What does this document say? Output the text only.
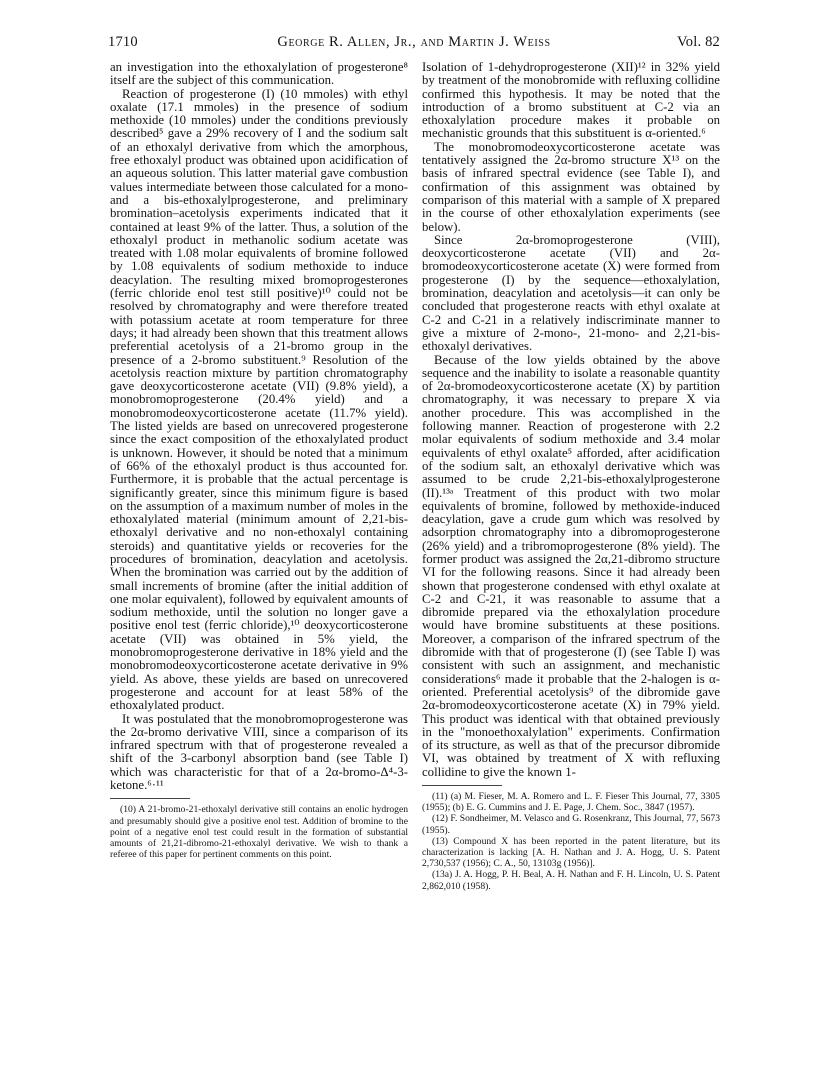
1710	George R. Allen, Jr., and Martin J. Weiss	Vol. 82

an investigation into the ethoxalylation of progesterone⁸ itself are the subject of this communication.

Reaction of progesterone (I) (10 mmoles) with ethyl oxalate (17.1 mmoles) in the presence of sodium methoxide (10 mmoles) under the conditions previously described⁵ gave a 29% recovery of I and the sodium salt of an ethoxalyl derivative from which the amorphous, free ethoxalyl product was obtained upon acidification of an aqueous solution. This latter material gave combustion values intermediate between those calculated for a mono- and a bis-ethoxalylprogesterone, and preliminary bromination–acetolysis experiments indicated that it contained at least 9% of the latter. Thus, a solution of the ethoxalyl product in methanolic sodium acetate was treated with 1.08 molar equivalents of bromine followed by 1.08 equivalents of sodium methoxide to induce deacylation. The resulting mixed bromoprogesterones (ferric chloride enol test still positive)¹⁰ could not be resolved by chromatography and were therefore treated with potassium acetate at room temperature for three days; it had already been shown that this treatment allows preferential acetolysis of a 21-bromo group in the presence of a 2-bromo substituent.⁹ Resolution of the acetolysis reaction mixture by partition chromatography gave deoxycorticosterone acetate (VII) (9.8% yield), a monobromoprogesterone (20.4% yield) and a monobromodeoxycorticosterone acetate (11.7% yield). The listed yields are based on unrecovered progesterone since the exact composition of the ethoxalylated product is unknown. However, it should be noted that a minimum of 66% of the ethoxalyl product is thus accounted for. Furthermore, it is probable that the actual percentage is significantly greater, since this minimum figure is based on the assumption of a maximum number of moles in the ethoxalylated material (minimum amount of 2,21-bis-ethoxalyl derivative and no non-ethoxalyl containing steroids) and quantitative yields or recoveries for the procedures of bromination, deacylation and acetolysis. When the bromination was carried out by the addition of small increments of bromine (after the initial addition of one molar equivalent), followed by equivalent amounts of sodium methoxide, until the solution no longer gave a positive enol test (ferric chloride),¹⁰ deoxycorticosterone acetate (VII) was obtained in 5% yield, the monobromoprogesterone derivative in 18% yield and the monobromodeoxycorticosterone acetate derivative in 9% yield. As above, these yields are based on unrecovered progesterone and account for at least 58% of the ethoxalylated product.

It was postulated that the monobromoprogesterone was the 2α-bromo derivative VIII, since a comparison of its infrared spectrum with that of progesterone revealed a shift of the 3-carbonyl absorption band (see Table I) which was characteristic for that of a 2α-bromo-Δ⁴-3-ketone.⁶·¹¹

(10) A 21-bromo-21-ethoxalyl derivative still contains an enolic hydrogen and presumably should give a positive enol test. Addition of bromine to the point of a negative enol test could result in the formation of substantial amounts of 21,21-dibromo-21-ethoxalyl derivative. We wish to thank a referee of this paper for pertinent comments on this point.

Isolation of 1-dehydroprogesterone (XII)¹² in 32% yield by treatment of the monobromide with refluxing collidine confirmed this hypothesis. It may be noted that the introduction of a bromo substituent at C-2 via an ethoxalylation procedure makes it probable on mechanistic grounds that this substituent is α-oriented.⁶

The monobromodeoxycorticosterone acetate was tentatively assigned the 2α-bromo structure X¹³ on the basis of infrared spectral evidence (see Table I), and confirmation of this assignment was obtained by comparison of this material with a sample of X prepared in the course of other ethoxalylation experiments (see below).

Since 2α-bromoprogesterone (VIII), deoxycorticosterone acetate (VII) and 2α-bromodeoxycorticosterone acetate (X) were formed from progesterone (I) by the sequence—ethoxalylation, bromination, deacylation and acetolysis—it can only be concluded that progesterone reacts with ethyl oxalate at C-2 and C-21 in a relatively indiscriminate manner to give a mixture of 2-mono-, 21-mono- and 2,21-bis-ethoxalyl derivatives.

Because of the low yields obtained by the above sequence and the inability to isolate a reasonable quantity of 2α-bromodeoxycorticosterone acetate (X) by partition chromatography, it was necessary to prepare X via another procedure. This was accomplished in the following manner. Reaction of progesterone with 2.2 molar equivalents of sodium methoxide and 3.4 molar equivalents of ethyl oxalate⁵ afforded, after acidification of the sodium salt, an ethoxalyl derivative which was assumed to be crude 2,21-bis-ethoxalylprogesterone (II).¹³ᵃ Treatment of this product with two molar equivalents of bromine, followed by methoxide-induced deacylation, gave a crude gum which was resolved by adsorption chromatography into a dibromoprogesterone (26% yield) and a tribromoprogesterone (8% yield). The former product was assigned the 2α,21-dibromo structure VI for the following reasons. Since it had already been shown that progesterone condensed with ethyl oxalate at C-2 and C-21, it was reasonable to assume that a dibromide prepared via the ethoxalylation procedure would have bromine substituents at these positions. Moreover, a comparison of the infrared spectrum of the dibromide with that of progesterone (I) (see Table I) was consistent with such an assignment, and mechanistic considerations⁶ made it probable that the 2-halogen is α-oriented. Preferential acetolysis⁹ of the dibromide gave 2α-bromodeoxycorticosterone acetate (X) in 79% yield. This product was identical with that obtained previously in the "monoethoxalylation" experiments. Confirmation of its structure, as well as that of the precursor dibromide VI, was obtained by treatment of X with refluxing collidine to give the known 1-

(11) (a) M. Fieser, M. A. Romero and L. F. Fieser This Journal, 77, 3305 (1955); (b) E. G. Cummins and J. E. Page, J. Chem. Soc., 3847 (1957).

(12) F. Sondheimer, M. Velasco and G. Rosenkranz, This Journal, 77, 5673 (1955).

(13) Compound X has been reported in the patent literature, but its characterization is lacking [A. H. Nathan and J. A. Hogg, U. S. Patent 2,730,537 (1956); C. A., 50, 13103g (1956)].

(13a) J. A. Hogg, P. H. Beal, A. H. Nathan and F. H. Lincoln, U. S. Patent 2,862,010 (1958).
